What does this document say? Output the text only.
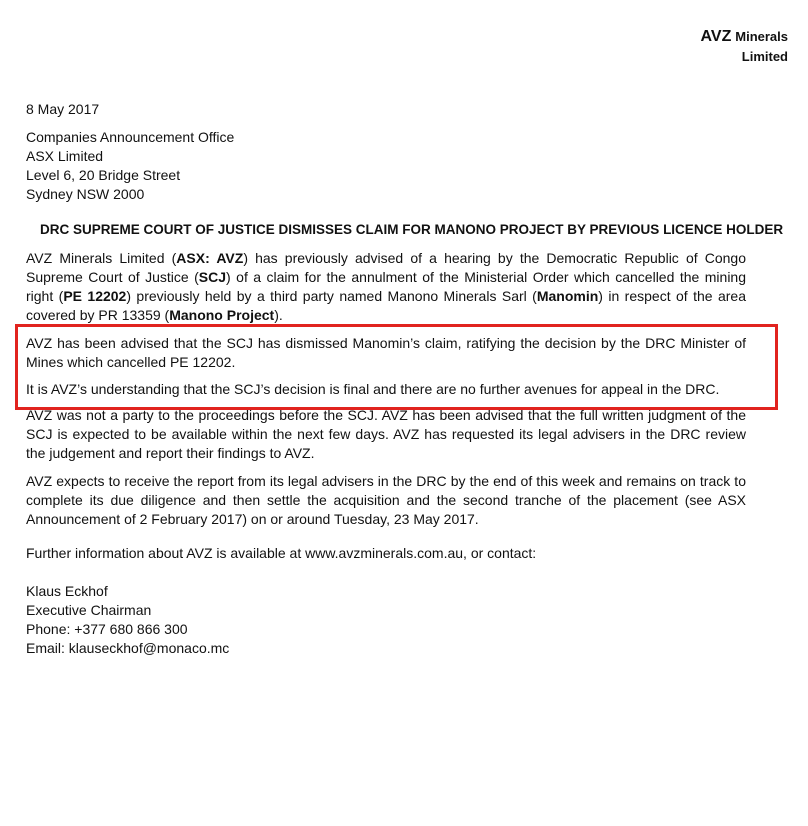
AVZ Minerals
Limited
8 May 2017
Companies Announcement Office
ASX Limited
Level 6, 20 Bridge Street
Sydney NSW 2000
DRC SUPREME COURT OF JUSTICE DISMISSES CLAIM FOR MANONO PROJECT BY PREVIOUS LICENCE HOLDER

AVZ Minerals Limited (ASX: AVZ) has previously advised of a hearing by the Democratic Republic of Congo Supreme Court of Justice (SCJ) of a claim for the annulment of the Ministerial Order which cancelled the mining right (PE 12202) previously held by a third party named Manono Minerals Sarl (Manomin) in respect of the area covered by PR 13359 (Manono Project).

AVZ has been advised that the SCJ has dismissed Manomin’s claim, ratifying the decision by the DRC Minister of Mines which cancelled PE 12202.

It is AVZ’s understanding that the SCJ’s decision is final and there are no further avenues for appeal in the DRC.

AVZ was not a party to the proceedings before the SCJ. AVZ has been advised that the full written judgment of the SCJ is expected to be available within the next few days. AVZ has requested its legal advisers in the DRC review the judgement and report their findings to AVZ.

AVZ expects to receive the report from its legal advisers in the DRC by the end of this week and remains on track to complete its due diligence and then settle the acquisition and the second tranche of the placement (see ASX Announcement of 2 February 2017) on or around Tuesday, 23 May 2017.

Further information about AVZ is available at www.avzminerals.com.au, or contact:
Klaus Eckhof
Executive Chairman
Phone: +377 680 866 300
Email: klauseckhof@monaco.mc
